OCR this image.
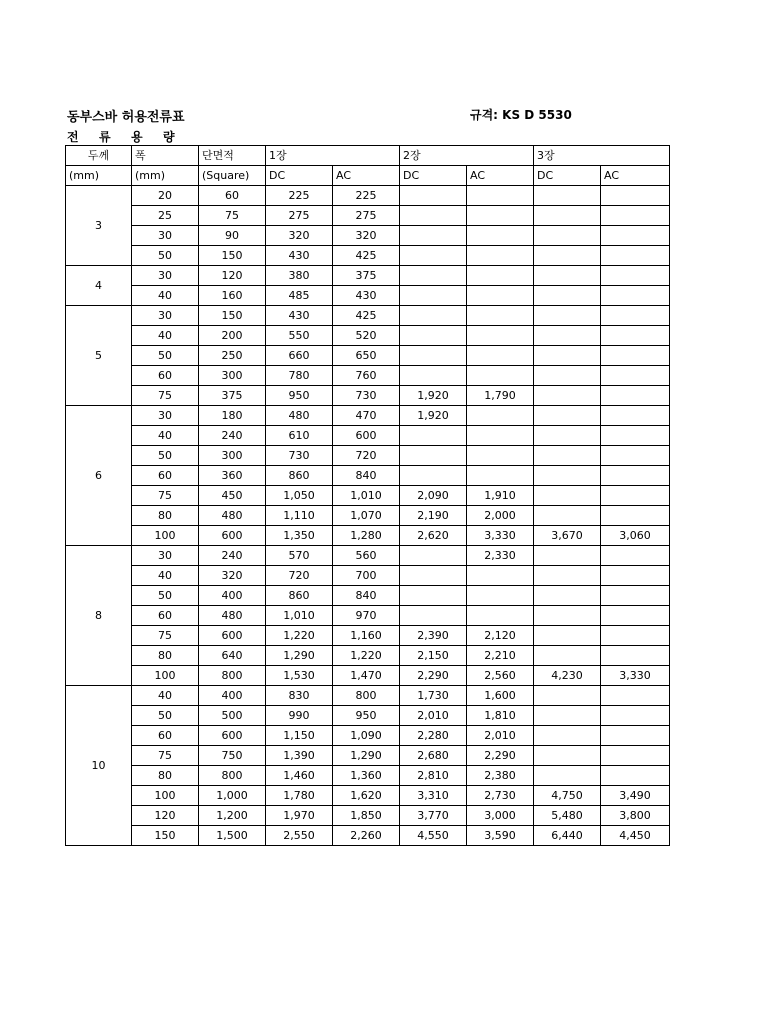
동부스바 허용전류표	규격: KS D 5530
전 류 용 량
두께	폭	단면적	1장		2장		3장	
(mm)	(mm)	(Square)	DC	AC	DC	AC	DC	AC
3	20	60	225	225				
	25	75	275	275				
	30	90	320	320				
	50	150	430	425				
4	30	120	380	375				
	40	160	485	430				
5	30	150	430	425				
	40	200	550	520				
	50	250	660	650				
	60	300	780	760				
	75	375	950	730	1,920	1,790		
6	30	180	480	470	1,920			
	40	240	610	600				
	50	300	730	720				
	60	360	860	840				
	75	450	1,050	1,010	2,090	1,910		
	80	480	1,110	1,070	2,190	2,000		
	100	600	1,350	1,280	2,620	3,330	3,670	3,060
8	30	240	570	560		2,330		
	40	320	720	700				
	50	400	860	840				
	60	480	1,010	970				
	75	600	1,220	1,160	2,390	2,120		
	80	640	1,290	1,220	2,150	2,210		
	100	800	1,530	1,470	2,290	2,560	4,230	3,330
10	40	400	830	800	1,730	1,600		
	50	500	990	950	2,010	1,810		
	60	600	1,150	1,090	2,280	2,010		
	75	750	1,390	1,290	2,680	2,290		
	80	800	1,460	1,360	2,810	2,380		
	100	1,000	1,780	1,620	3,310	2,730	4,750	3,490
	120	1,200	1,970	1,850	3,770	3,000	5,480	3,800
	150	1,500	2,550	2,260	4,550	3,590	6,440	4,450
